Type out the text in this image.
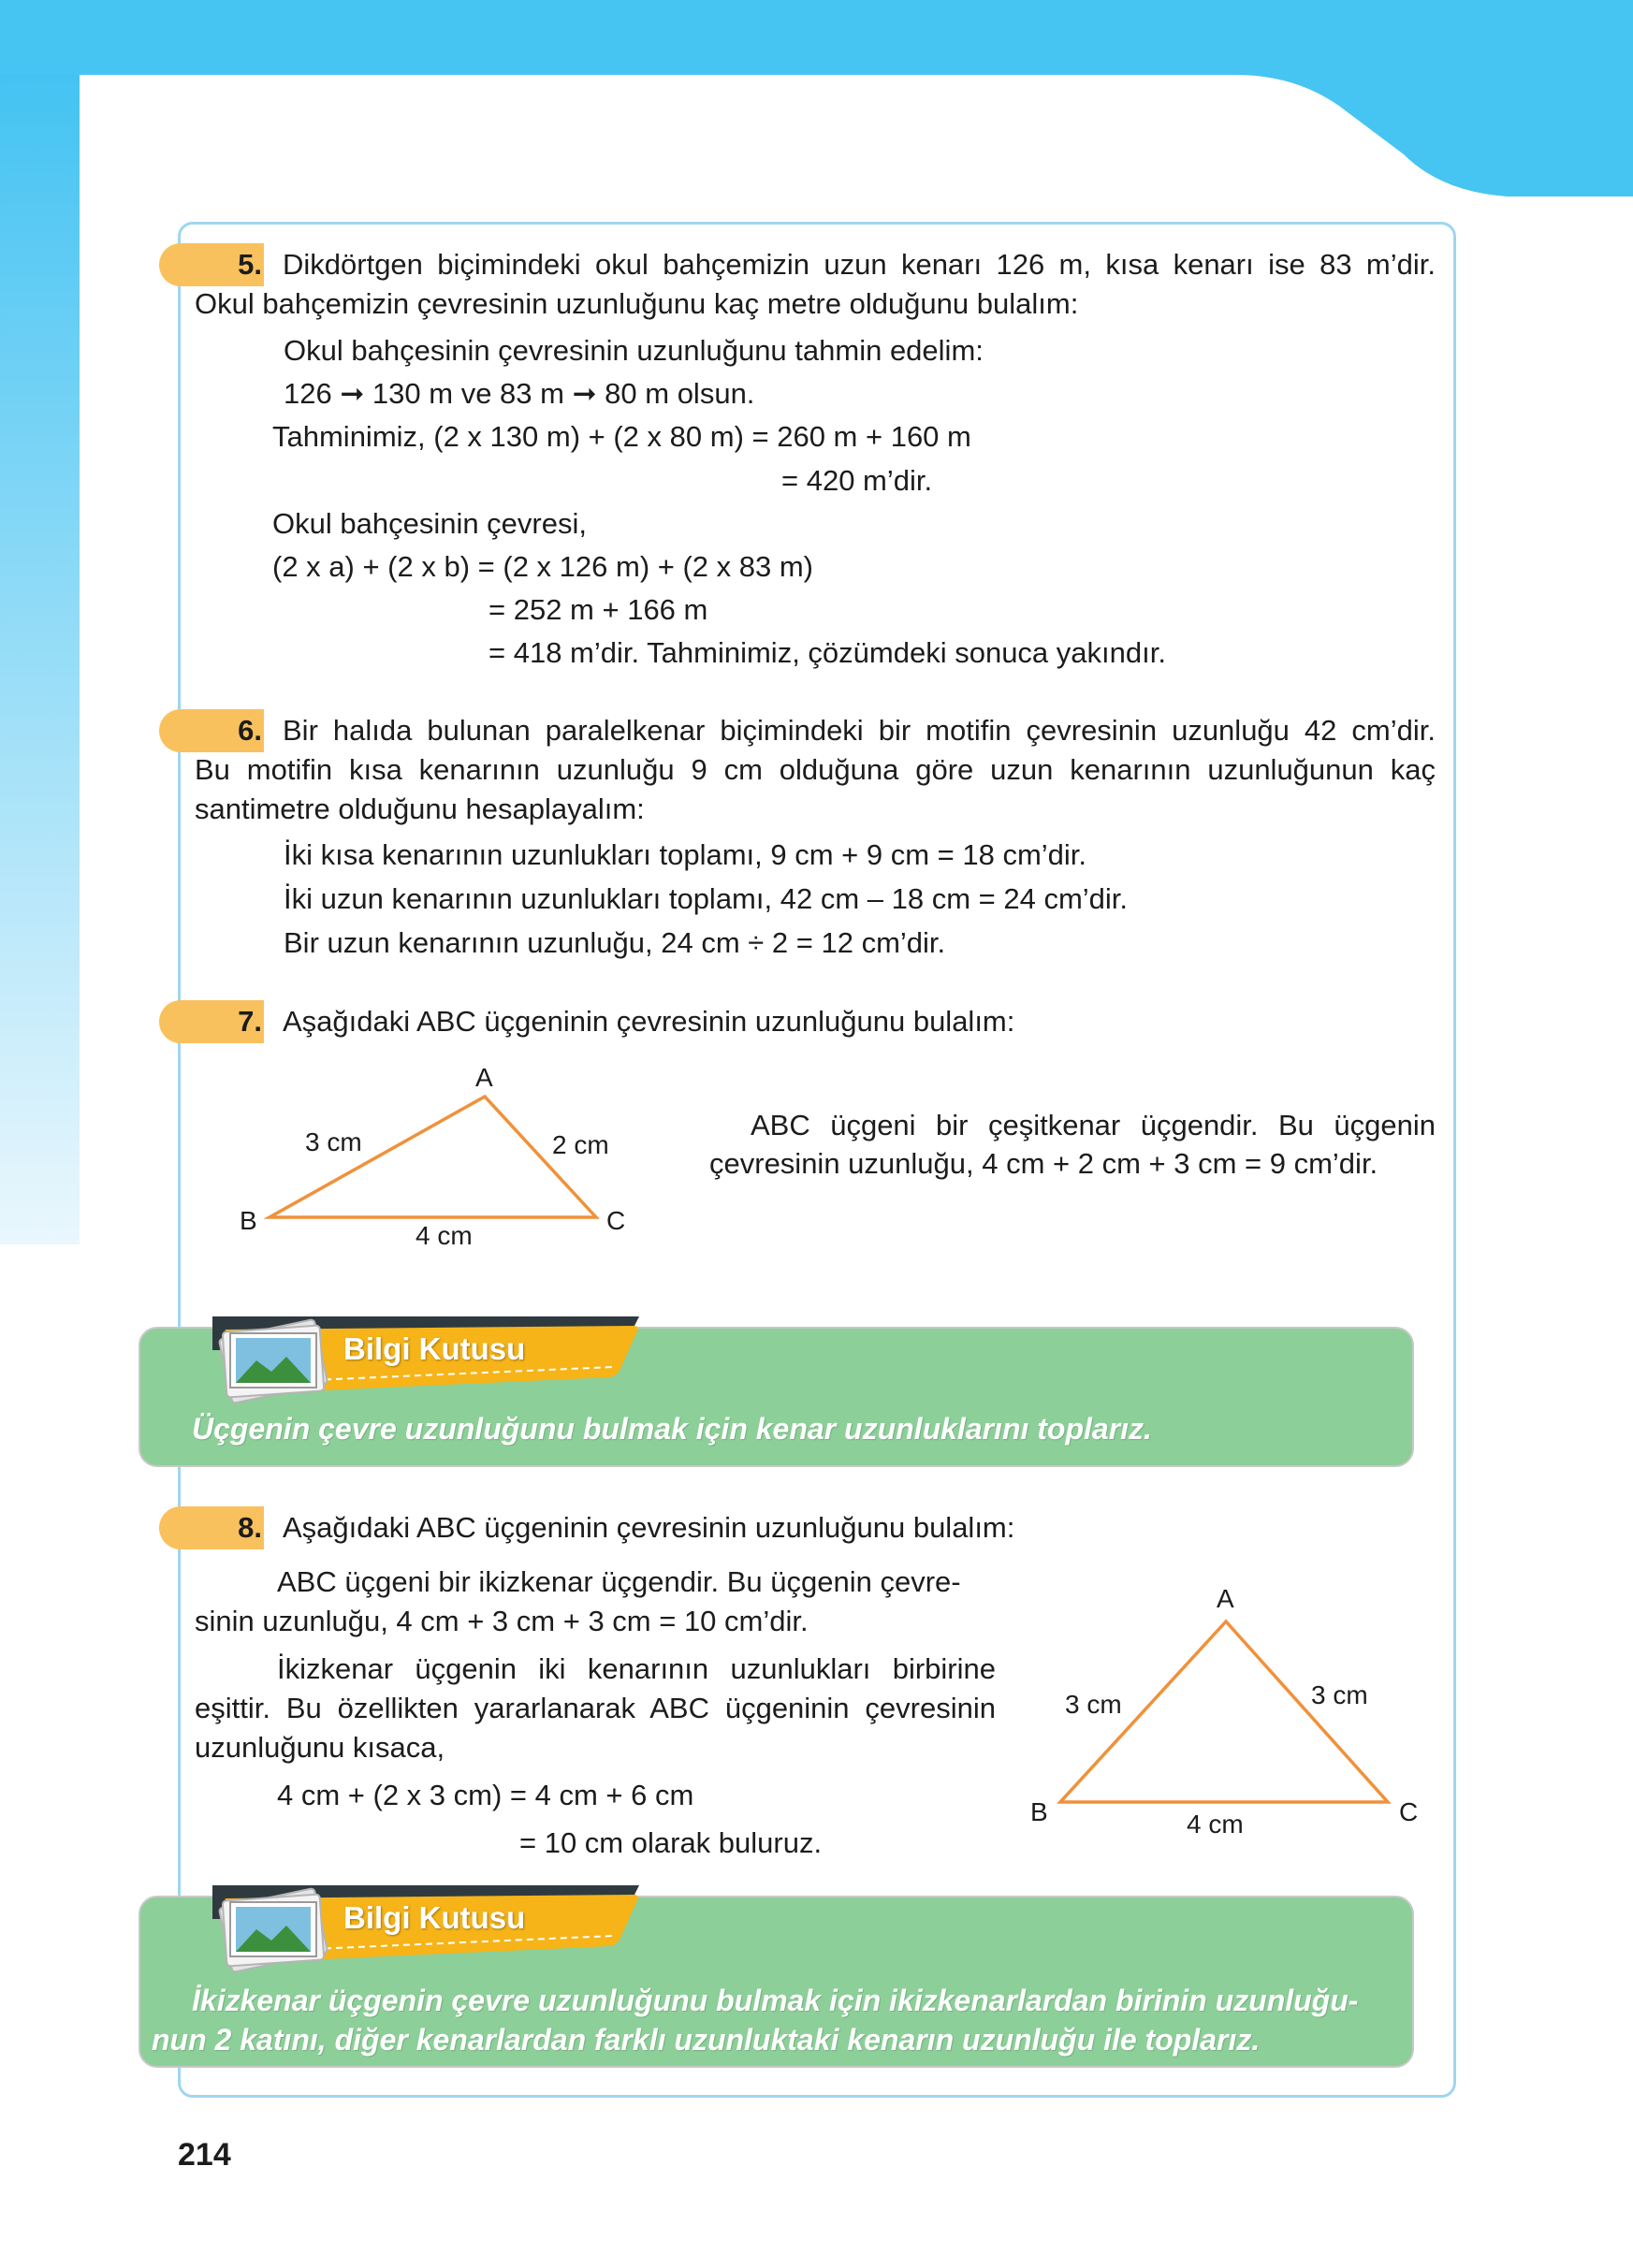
5. Dikdörtgen biçimindeki okul bahçemizin uzun kenarı 126 m, kısa kenarı ise 83 m’dir.
Okul bahçemizin çevresinin uzunluğunu kaç metre olduğunu bulalım:
Okul bahçesinin çevresinin uzunluğunu tahmin edelim:
126 ➞ 130 m ve 83 m ➞ 80 m olsun.
Tahminimiz, (2 x 130 m) + (2 x 80 m) = 260 m + 160 m
= 420 m’dir.
Okul bahçesinin çevresi,
(2 x a) + (2 x b) = (2 x 126 m) + (2 x 83 m)
= 252 m + 166 m
= 418 m’dir. Tahminimiz, çözümdeki sonuca yakındır.
6. Bir halıda bulunan paralelkenar biçimindeki bir motifin çevresinin uzunluğu 42 cm’dir.
Bu motifin kısa kenarının uzunluğu 9 cm olduğuna göre uzun kenarının uzunluğunun kaç
santimetre olduğunu hesaplayalım:
İki kısa kenarının uzunlukları toplamı, 9 cm + 9 cm = 18 cm’dir.
İki uzun kenarının uzunlukları toplamı, 42 cm – 18 cm = 24 cm’dir.
Bir uzun kenarının uzunluğu, 24 cm ÷ 2 = 12 cm’dir.
7. Aşağıdaki ABC üçgeninin çevresinin uzunluğunu bulalım:
A
B	C
3 cm	2 cm
4 cm
ABC üçgeni bir çeşitkenar üçgendir. Bu üçgenin
çevresinin uzunluğu, 4 cm + 2 cm + 3 cm = 9 cm’dir.
Bilgi Kutusu
Üçgenin çevre uzunluğunu bulmak için kenar uzunluklarını toplarız.
8. Aşağıdaki ABC üçgeninin çevresinin uzunluğunu bulalım:
ABC üçgeni bir ikizkenar üçgendir. Bu üçgenin çevre-
sinin uzunluğu, 4 cm + 3 cm + 3 cm = 10 cm’dir.
İkizkenar üçgenin iki kenarının uzunlukları birbirine
eşittir. Bu özellikten yararlanarak ABC üçgeninin çevresinin
uzunluğunu kısaca,
4 cm + (2 x 3 cm) = 4 cm + 6 cm
= 10 cm olarak buluruz.
A
B	C
3 cm	3 cm
4 cm
Bilgi Kutusu
İkizkenar üçgenin çevre uzunluğunu bulmak için ikizkenarlardan birinin uzunluğu-
nun 2 katını, diğer kenarlardan farklı uzunluktaki kenarın uzunluğu ile toplarız.
214
